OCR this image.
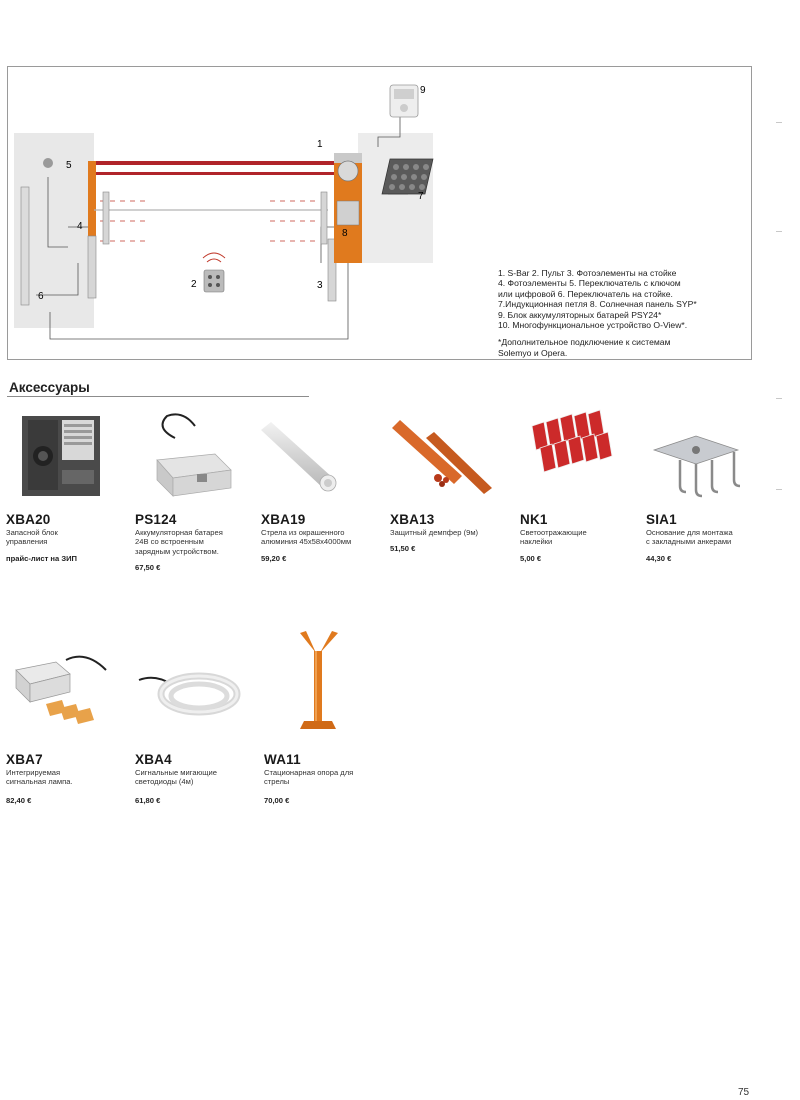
9
1
5
7
4
8
2	3
6
1. S-Bar 2. Пульт 3. Фотоэлементы на стойке
4. Фотоэлементы 5. Переключатель с ключом
или цифровой 6. Переключатель на стойке.
7.Индукционная петля 8. Солнечная панель SYP*
9. Блок аккумуляторных батарей PSY24*
10. Многофункциональное устройство O-View*.
*Дополнительное подключение к системам
Solemyo и Opera.
Аксессуары
XBA20
Запасной блок
управления
прайс-лист на ЗИП
PS124
Аккумуляторная батарея
24В со встроенным
зарядным устройством.
67,50 €
XBA19
Стрела из окрашенного
алюминия 45x58x4000мм
59,20 €
XBA13
Защитный демпфер (9м)
51,50 €
NK1
Светоотражающие
наклейки
5,00 €
SIA1
Основание для монтажа
с закладными анкерами
44,30 €
XBA7
Интегрируемая
сигнальная лампа.
82,40 €
XBA4
Сигнальные мигающие
светодиоды (4м)
61,80 €
WA11
Стационарная опора для
стрелы
70,00 €
75
